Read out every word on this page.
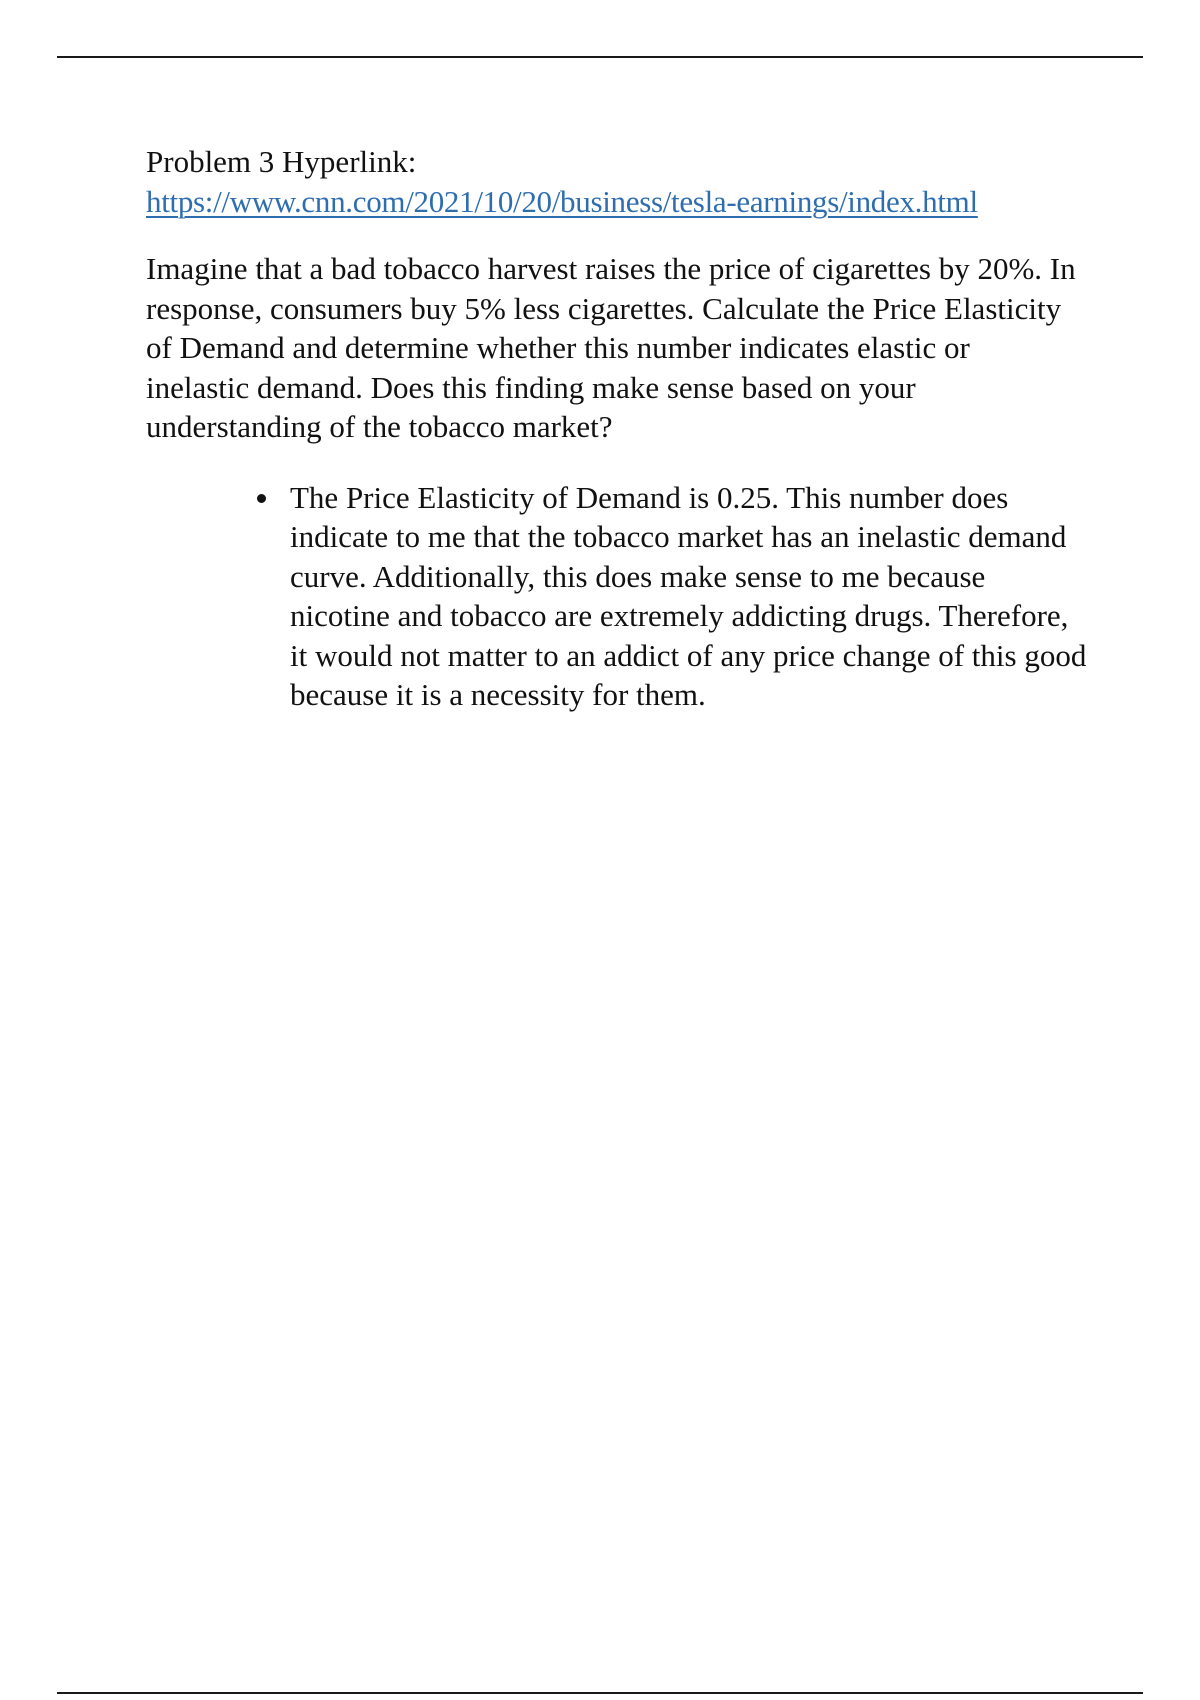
Problem 3 Hyperlink:
https://www.cnn.com/2021/10/20/business/tesla-earnings/index.html

Imagine that a bad tobacco harvest raises the price of cigarettes by 20%. In response, consumers buy 5% less cigarettes. Calculate the Price Elasticity of Demand and determine whether this number indicates elastic or inelastic demand. Does this finding make sense based on your understanding of the tobacco market?

The Price Elasticity of Demand is 0.25. This number does indicate to me that the tobacco market has an inelastic demand curve. Additionally, this does make sense to me because nicotine and tobacco are extremely addicting drugs. Therefore, it would not matter to an addict of any price change of this good because it is a necessity for them.
